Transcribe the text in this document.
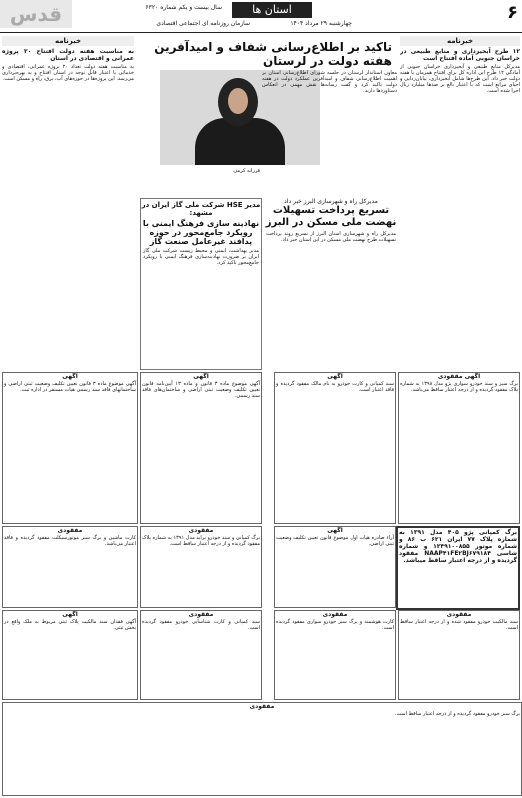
۶
استان ها
سال بیست و یکم شماره ۶۳۲۰
چهارشنبه ۲۹ مرداد ۱۴۰۴
سازمان روزنامه ای اجتماعی اقتصادی
قدس
خبرنامه
۱۲ طرح آبخیزداری و منابع طبیعی در خراسان جنوبی آماده افتتاح است
مدیرکل منابع طبیعی و آبخیزداری خراسان جنوبی از آمادگی ۱۲ طرح این اداره کل برای افتتاح همزمان با هفته دولت خبر داد. این طرح‌ها شامل آبخیزداری، بیابان‌زدایی و احیای مراتع است که با اعتبار بالغ بر صدها میلیارد ریال اجرا شده است.
تاکید بر اطلاع‌رسانی شفاف و امیدآفرین هفته دولت در لرستان
معاون استاندار لرستان در جلسه شورای اطلاع‌رسانی استان بر اهمیت اطلاع‌رسانی شفاف و امیدآفرین عملکرد دولت در هفته دولت تاکید کرد و گفت رسانه‌ها نقش مهمی در انعکاس دستاوردها دارند.
فرزانه کرمی
مدیر HSE شرکت ملی گاز ایران در مشهد:
نهادینه سازی فرهنگ ایمنی با رویکرد جامع‌محور در حوزه پدافند غیرعامل صنعت گاز
مدیر بهداشت، ایمنی و محیط زیست شرکت ملی گاز ایران بر ضرورت نهادینه‌سازی فرهنگ ایمنی با رویکرد جامع‌محور تاکید کرد.
مدیرکل راه و شهرسازی البرز خبر داد
تسریع پرداخت تسهیلات نهضت ملی مسکن در البرز
مدیرکل راه و شهرسازی استان البرز از تسریع روند پرداخت تسهیلات طرح نهضت ملی مسکن در این استان خبر داد.
خبرنامه
به مناسبت هفته دولت افتتاح ۲۰ پروژه عمرانی و اقتصادی در استان
به مناسبت هفته دولت تعداد ۲۰ پروژه عمرانی، اقتصادی و خدماتی با اعتبار قابل توجه در استان افتتاح و به بهره‌برداری می‌رسد. این پروژه‌ها در حوزه‌های آب، برق، راه و مسکن است.
آگهی مفقودی
برگ سبز و سند خودرو سواری پژو مدل ۱۳۹۸ به شماره پلاک مفقود گردیده و از درجه اعتبار ساقط می‌باشد.
آگهی
سند کمپانی و کارت خودرو به نام مالک مفقود گردیده و فاقد اعتبار است.
آگهی
آگهی موضوع ماده ۳ قانون و ماده ۱۳ آیین‌نامه قانون تعیین تکلیف وضعیت ثبتی اراضی و ساختمان‌های فاقد سند رسمی.
آگهی
آگهی موضوع ماده ۳ قانون تعیین تکلیف وضعیت ثبتی اراضی و ساختمانهای فاقد سند رسمی هیات مستقر در اداره ثبت.
برگ کمپانی پژو ۴۰۵ مدل ۱۳۹۱ به شماره پلاک ۷۷ ایران ۶۲۱ ب ۸۶ و شماره موتور ۱۲۴۹۱۰۰۸۵۵ و شماره شاسی NAAP۴۱FE۲BJ۶۷۹۱۸۴ مفقود گردیده و از درجه اعتبار ساقط میباشد.
آگهی
آراء صادره هیات اول موضوع قانون تعیین تکلیف وضعیت ثبتی اراضی.
مفقودی
برگ کمپانی و سند خودرو پراید مدل ۱۳۹۱ به شماره پلاک مفقود گردیده و از درجه اعتبار ساقط است.
مفقودی
کارت ماشین و برگ سبز موتورسیکلت مفقود گردیده و فاقد اعتبار می‌باشد.
مفقودی
سند مالکیت خودرو مفقود شده و از درجه اعتبار ساقط است.
مفقودی
کارت هوشمند و برگ سبز خودرو سواری مفقود گردیده است.
مفقودی
سند کمپانی و کارت شناسایی خودرو مفقود گردیده است.
آگهی
آگهی فقدان سند مالکیت پلاک ثبتی مربوط به ملک واقع در بخش ثبتی.
مفقودی
برگ سبز خودرو مفقود گردیده و از درجه اعتبار ساقط است.
